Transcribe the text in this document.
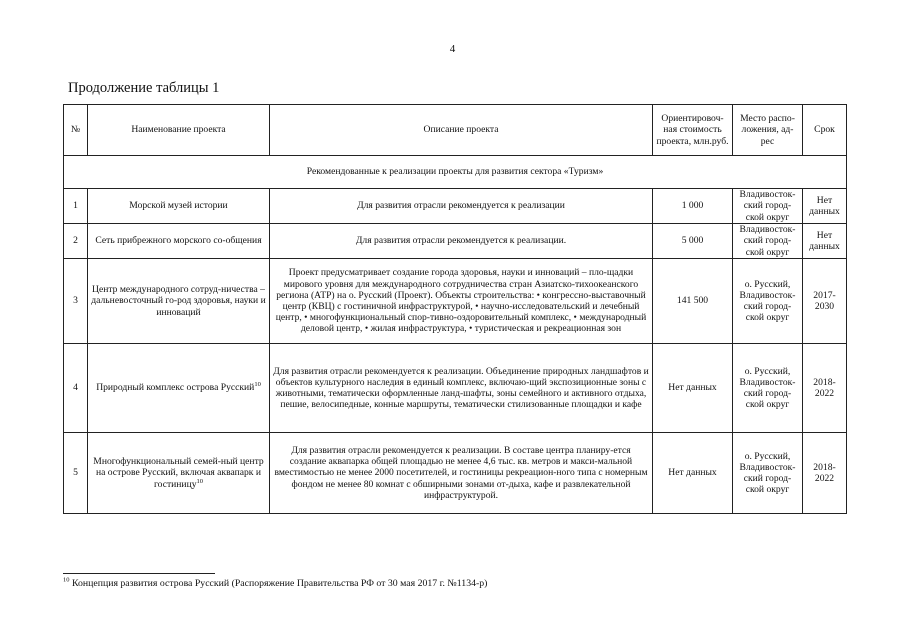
4
Продолжение таблицы 1
№	Наименование проекта	Описание проекта	Ориентировоч-ная стоимость проекта, млн.руб.	Место распо-ложения, ад-рес	Срок
Рекомендованные к реализации проекты для развития сектора «Туризм»					
1	Морской музей истории	Для развития отрасли рекомендуется к реализации	1 000	Владивосток-ский город-ской округ	Нет данных
2	Сеть прибрежного морского со-общения	Для развития отрасли рекомендуется к реализации.	5 000	Владивосток-ский город-ской округ	Нет данных
3	Центр международного сотруд-ничества – дальневосточный го-род здоровья, науки и инноваций	Проект предусматривает создание города здоровья, науки и инноваций – пло-щадки мирового уровня для международного сотрудничества стран Азиатско-тихоокеанского региона (АТР) на о. Русский (Проект). Объекты строительства: • конгрессно-выставочный центр (КВЦ) с гостиничной инфраструктурой, • научно-исследовательский и лечебный центр, • многофункциональный спор-тивно-оздоровительный комплекс, • международный деловой центр, • жилая инфраструктура, • туристическая и рекреационная зон	141 500	о. Русский, Владивосток-ский город-ской округ	2017-2030
4	Природный комплекс острова Русский$^{10}$	Для развития отрасли рекомендуется к реализации. Объединение природных ландшафтов и объектов культурного наследия в единый комплекс, включаю-щий экспозиционные зоны с животными, тематически оформленные ланд-шафты, зоны семейного и активного отдыха, пешие, велосипедные, конные маршруты, тематически стилизованные площадки и кафе	Нет данных	о. Русский, Владивосток-ский город-ской округ	2018-2022
5	Многофункциональный семей-ный центр на острове Русский, включая аквапарк и гостиницу$^{10}$	Для развития отрасли рекомендуется к реализации. В составе центра планиру-ется создание аквапарка общей площадью не менее 4,6 тыс. кв. метров и макси-мальной вместимостью не менее 2000 посетителей, и гостиницы рекреацион-ного типа с номерным фондом не менее 80 комнат с обширными зонами от-дыха, кафе и развлекательной инфраструктурой.	Нет данных	о. Русский, Владивосток-ский город-ской округ	2018-2022
$^{10}$ Концепция развития острова Русский (Распоряжение Правительства РФ от 30 мая 2017 г. №1134-р)
